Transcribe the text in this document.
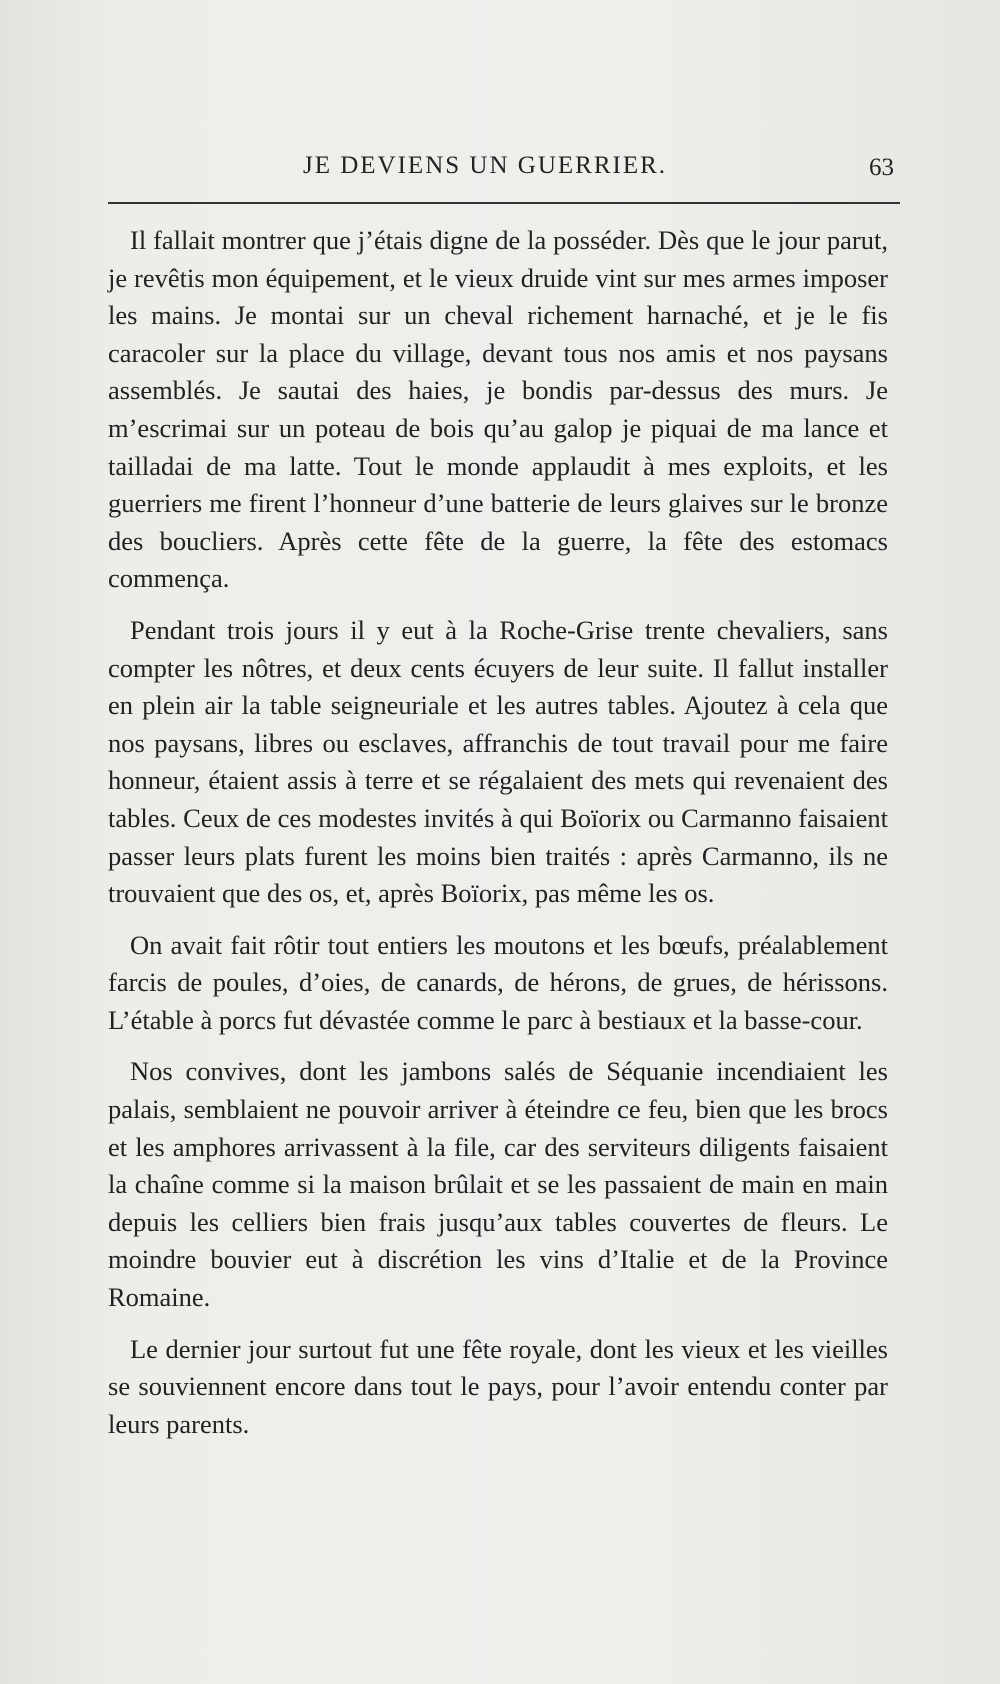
JE DEVIENS UN GUERRIER.	63

Il fallait montrer que j’étais digne de la posséder. Dès que le jour parut, je revêtis mon équipement, et le vieux druide vint sur mes armes imposer les mains. Je montai sur un cheval richement harnaché, et je le fis caracoler sur la place du village, devant tous nos amis et nos paysans assemblés. Je sautai des haies, je bondis par-dessus des murs. Je m’escrimai sur un poteau de bois qu’au galop je piquai de ma lance et tailladai de ma latte. Tout le monde applaudit à mes exploits, et les guerriers me firent l’honneur d’une batterie de leurs glaives sur le bronze des boucliers. Après cette fête de la guerre, la fête des estomacs commença.

Pendant trois jours il y eut à la Roche-Grise trente chevaliers, sans compter les nôtres, et deux cents écuyers de leur suite. Il fallut installer en plein air la table seigneuriale et les autres tables. Ajoutez à cela que nos paysans, libres ou esclaves, affranchis de tout travail pour me faire honneur, étaient assis à terre et se régalaient des mets qui revenaient des tables. Ceux de ces modestes invités à qui Boïorix ou Carmanno faisaient passer leurs plats furent les moins bien traités : après Carmanno, ils ne trouvaient que des os, et, après Boïorix, pas même les os.

On avait fait rôtir tout entiers les moutons et les bœufs, préalablement farcis de poules, d’oies, de canards, de hérons, de grues, de hérissons. L’étable à porcs fut dévastée comme le parc à bestiaux et la basse-cour.

Nos convives, dont les jambons salés de Séquanie incendiaient les palais, semblaient ne pouvoir arriver à éteindre ce feu, bien que les brocs et les amphores arrivassent à la file, car des serviteurs diligents faisaient la chaîne comme si la maison brûlait et se les passaient de main en main depuis les celliers bien frais jusqu’aux tables couvertes de fleurs. Le moindre bouvier eut à discrétion les vins d’Italie et de la Province Romaine.

Le dernier jour surtout fut une fête royale, dont les vieux et les vieilles se souviennent encore dans tout le pays, pour l’avoir entendu conter par leurs parents.
